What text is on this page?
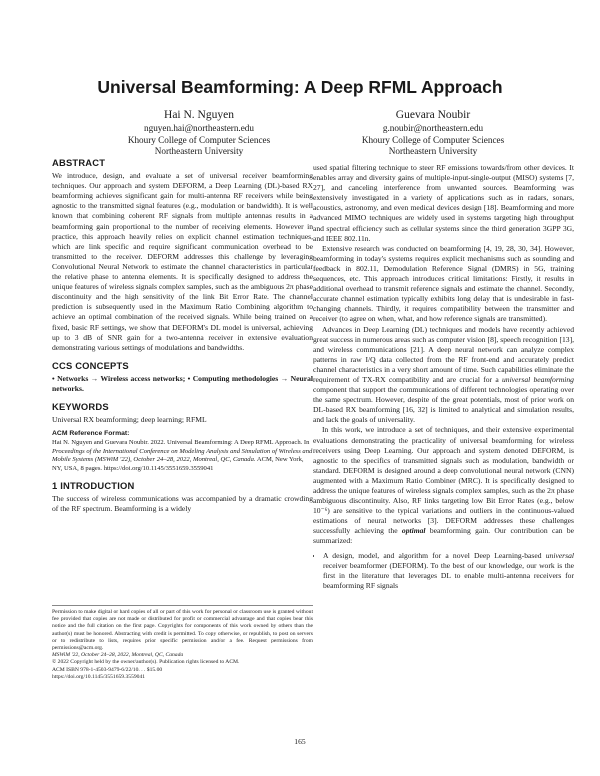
Universal Beamforming: A Deep RFML Approach
Hai N. Nguyen
nguyen.hai@northeastern.edu
Khoury College of Computer Sciences
Northeastern University
Guevara Noubir
g.noubir@northeastern.edu
Khoury College of Computer Sciences
Northeastern University
ABSTRACT

We introduce, design, and evaluate a set of universal receiver beamforming techniques. Our approach and system DEFORM, a Deep Learning (DL)-based RX beamforming achieves significant gain for multi-antenna RF receivers while being agnostic to the transmitted signal features (e.g., modulation or bandwidth). It is well known that combining coherent RF signals from multiple antennas results in a beamforming gain proportional to the number of receiving elements. However in practice, this approach heavily relies on explicit channel estimation techniques, which are link specific and require significant communication overhead to be transmitted to the receiver. DEFORM addresses this challenge by leveraging Convolutional Neural Network to estimate the channel characteristics in particular the relative phase to antenna elements. It is specifically designed to address the unique features of wireless signals complex samples, such as the ambiguous 2π phase discontinuity and the high sensitivity of the link Bit Error Rate. The channel prediction is subsequently used in the Maximum Ratio Combining algorithm to achieve an optimal combination of the received signals. While being trained on a fixed, basic RF settings, we show that DEFORM's DL model is universal, achieving up to 3 dB of SNR gain for a two-antenna receiver in extensive evaluation demonstrating various settings of modulations and bandwidths.

CCS CONCEPTS

• Networks → Wireless access networks; • Computing methodologies → Neural networks.

KEYWORDS

Universal RX beamforming; deep learning; RFML

ACM Reference Format:

Hai N. Nguyen and Guevara Noubir. 2022. Universal Beamforming: A Deep RFML Approach. In Proceedings of the International Conference on Modeling Analysis and Simulation of Wireless and Mobile Systems (MSWiM '22), October 24–28, 2022, Montreal, QC, Canada. ACM, New York, NY, USA, 8 pages. https://doi.org/10.1145/3551659.3559041

1 INTRODUCTION

The success of wireless communications was accompanied by a dramatic crowding of the RF spectrum. Beamforming is a widely

Permission to make digital or hard copies of all or part of this work for personal or classroom use is granted without fee provided that copies are not made or distributed for profit or commercial advantage and that copies bear this notice and the full citation on the first page. Copyrights for components of this work owned by others than the author(s) must be honored. Abstracting with credit is permitted. To copy otherwise, or republish, to post on servers or to redistribute to lists, requires prior specific permission and/or a fee. Request permissions from permissions@acm.org.

MSWiM '22, October 24–28, 2022, Montreal, QC, Canada
© 2022 Copyright held by the owner/author(s). Publication rights licensed to ACM.
ACM ISBN 978-1-4503-9479-6/22/10. . . $15.00
https://doi.org/10.1145/3551659.3559041

used spatial filtering technique to steer RF emissions towards/from other devices. It enables array and diversity gains of multiple-input-single-output (MISO) systems [7, 27], and canceling interference from unwanted sources. Beamforming was extensively investigated in a variety of applications such as in radars, sonars, acoustics, astronomy, and even medical devices design [18]. Beamforming and more advanced MIMO techniques are widely used in systems targeting high throughput and spectral efficiency such as cellular systems since the third generation 3GPP 3G, and IEEE 802.11n.

Extensive research was conducted on beamforming [4, 19, 28, 30, 34]. However, beamforming in today's systems requires explicit mechanisms such as sounding and feedback in 802.11, Demodulation Reference Signal (DMRS) in 5G, training sequences, etc. This approach introduces critical limitations: Firstly, it results in additional overhead to transmit reference signals and estimate the channel. Secondly, accurate channel estimation typically exhibits long delay that is undesirable in fast-changing channels. Thirdly, it requires compatibility between the transmitter and receiver (to agree on when, what, and how reference signals are transmitted).

Advances in Deep Learning (DL) techniques and models have recently achieved great success in numerous areas such as computer vision [8], speech recognition [13], and wireless communications [21]. A deep neural network can analyze complex patterns in raw I/Q data collected from the RF front-end and accurately predict channel characteristics in a very short amount of time. Such capabilities eliminate the requirement of TX-RX compatibility and are crucial for a universal beamforming component that support the communications of different technologies operating over the same spectrum. However, despite of the great potentials, most of prior work on DL-based RX beamforming [16, 32] is limited to analytical and simulation results, and lack the goals of universality.

In this work, we introduce a set of techniques, and their extensive experimental evaluations demonstrating the practicality of universal beamforming for wireless receivers using Deep Learning. Our approach and system denoted DEFORM, is agnostic to the specifics of transmitted signals such as modulation, bandwidth or standard. DEFORM is designed around a deep convolutional neural network (CNN) augmented with a Maximum Ratio Combiner (MRC). It is specifically designed to address the unique features of wireless signals complex samples, such as the 2π phase ambiguous discontinuity. Also, RF links targeting low Bit Error Rates (e.g., below 10⁻⁶) are sensitive to the typical variations and outliers in the continuous-valued estimations of neural networks [3]. DEFORM addresses these challenges successfully achieving the optimal beamforming gain. Our contribution can be summarized:

• A design, model, and algorithm for a novel Deep Learning-based universal receiver beamformer (DEFORM). To the best of our knowledge, our work is the first in the literature that leverages DL to enable multi-antenna receivers for beamforming RF signals
165
